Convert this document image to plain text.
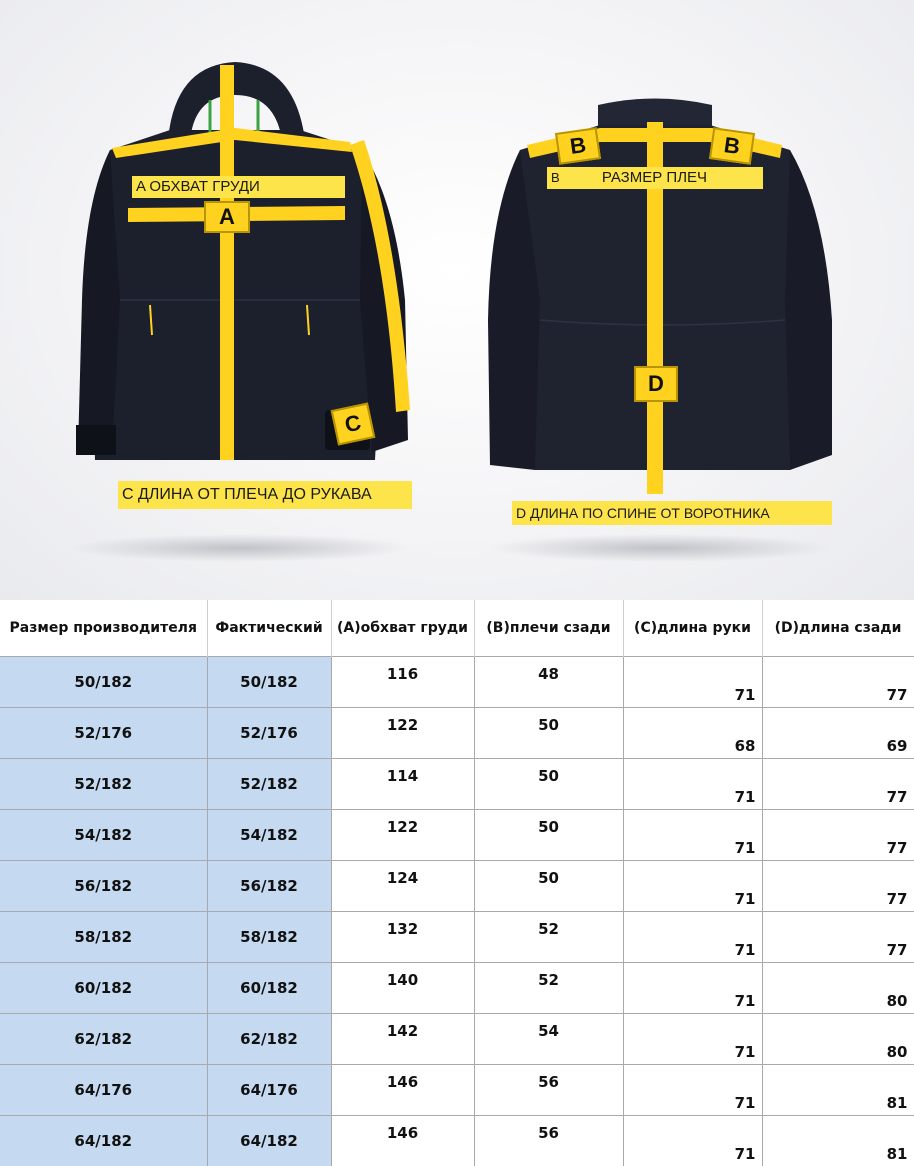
A ОБХВАТ ГРУДИ
A
C
C ДЛИНА ОТ ПЛЕЧА ДО РУКАВА
B	B
B	РАЗМЕР ПЛЕЧ
D
D ДЛИНА ПО СПИНЕ ОТ ВОРОТНИКА
Размер производителя	Фактический	(A)обхват груди	(B)плечи сзади	(C)длина руки	(D)длина сзади
50/182	50/182	116	48	71	77
52/176	52/176	122	50	68	69
52/182	52/182	114	50	71	77
54/182	54/182	122	50	71	77
56/182	56/182	124	50	71	77
58/182	58/182	132	52	71	77
60/182	60/182	140	52	71	80
62/182	62/182	142	54	71	80
64/176	64/176	146	56	71	81
64/182	64/182	146	56	71	81
